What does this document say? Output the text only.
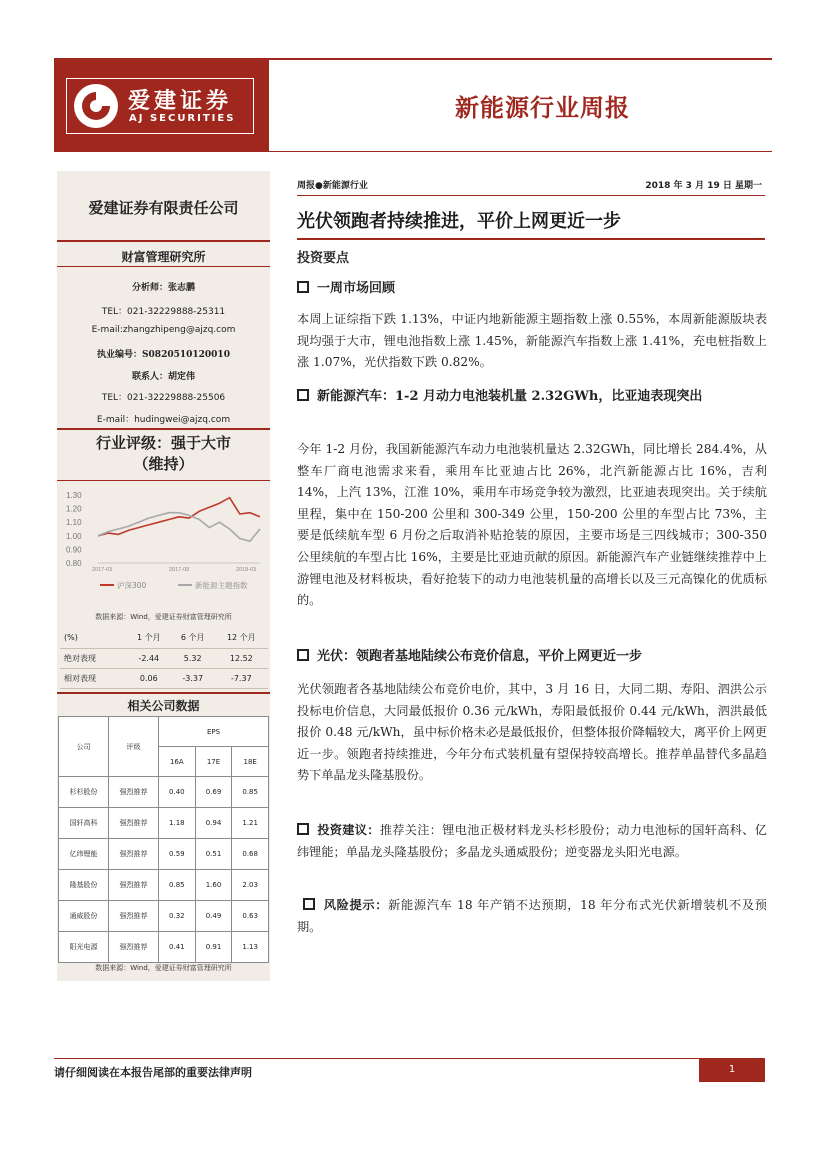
爱建证券
AJ SECURITIES	新能源行业周报
爱建证券有限责任公司
财富管理研究所
分析师：张志鹏
TEL：021-32229888-25311
E-mail:zhangzhipeng@ajzq.com
执业编号：S0820510120010
联系人：胡定伟
TEL：021-32229888-25506
E-mail：hudingwei@ajzq.com
行业评级：强于大市
（维持）
1.30
1.20
1.10
1.00
0.90
0.80
2017-03	2017-09	2018-03
沪深300	新能源主题指数
数据来源：Wind，爱建证券财富管理研究所
(%)	1 个月	6 个月	12 个月
绝对表现	-2.44	5.32	12.52
相对表现	0.06	-3.37	-7.37
相关公司数据
公司	评级	EPS		
		16A	17E	18E
杉杉股份	强烈推荐	0.40	0.69	0.85
国轩高科	强烈推荐	1.18	0.94	1.21
亿纬锂能	强烈推荐	0.59	0.51	0.68
隆基股份	强烈推荐	0.85	1.60	2.03
通威股份	强烈推荐	0.32	0.49	0.63
阳光电源	强烈推荐	0.41	0.91	1.13
数据来源：Wind，爱建证券财富管理研究所
周报●新能源行业	2018 年 3 月 19 日 星期一
光伏领跑者持续推进，平价上网更近一步
投资要点
一周市场回顾
本周上证综指下跌 1.13%，中证内地新能源主题指数上涨 0.55%，本周新能源版块表现均强于大市，锂电池指数上涨 1.45%，新能源汽车指数上涨 1.41%，充电桩指数上涨 1.07%，光伏指数下跌 0.82%。
新能源汽车：1-2 月动力电池装机量 2.32GWh，比亚迪表现突出
今年 1-2 月份，我国新能源汽车动力电池装机量达 2.32GWh，同比增长 284.4%，从整车厂商电池需求来看，乘用车比亚迪占比 26%，北汽新能源占比 16%，吉利 14%，上汽 13%，江淮 10%，乘用车市场竞争较为激烈，比亚迪表现突出。关于续航里程，集中在 150-200 公里和 300-349 公里，150-200 公里的车型占比 73%，主要是低续航车型 6 月份之后取消补贴抢装的原因，主要市场是三四线城市；300-350 公里续航的车型占比 16%，主要是比亚迪贡献的原因。新能源汽车产业链继续推荐中上游锂电池及材料板块，看好抢装下的动力电池装机量的高增长以及三元高镍化的优质标的。
光伏：领跑者基地陆续公布竞价信息，平价上网更近一步
光伏领跑者各基地陆续公布竞价电价，其中，3 月 16 日，大同二期、寿阳、泗洪公示投标电价信息，大同最低报价 0.36 元/kWh，寿阳最低报价 0.44 元/kWh，泗洪最低报价 0.48 元/kWh，虽中标价格未必是最低报价，但整体报价降幅较大，离平价上网更近一步。领跑者持续推进，今年分布式装机量有望保持较高增长。推荐单晶替代多晶趋势下单晶龙头隆基股份。
投资建议：推荐关注：锂电池正极材料龙头杉杉股份；动力电池标的国轩高科、亿纬锂能；单晶龙头隆基股份；多晶龙头通威股份；逆变器龙头阳光电源。
风险提示：新能源汽车 18 年产销不达预期，18 年分布式光伏新增装机不及预期。
请仔细阅读在本报告尾部的重要法律声明	1
